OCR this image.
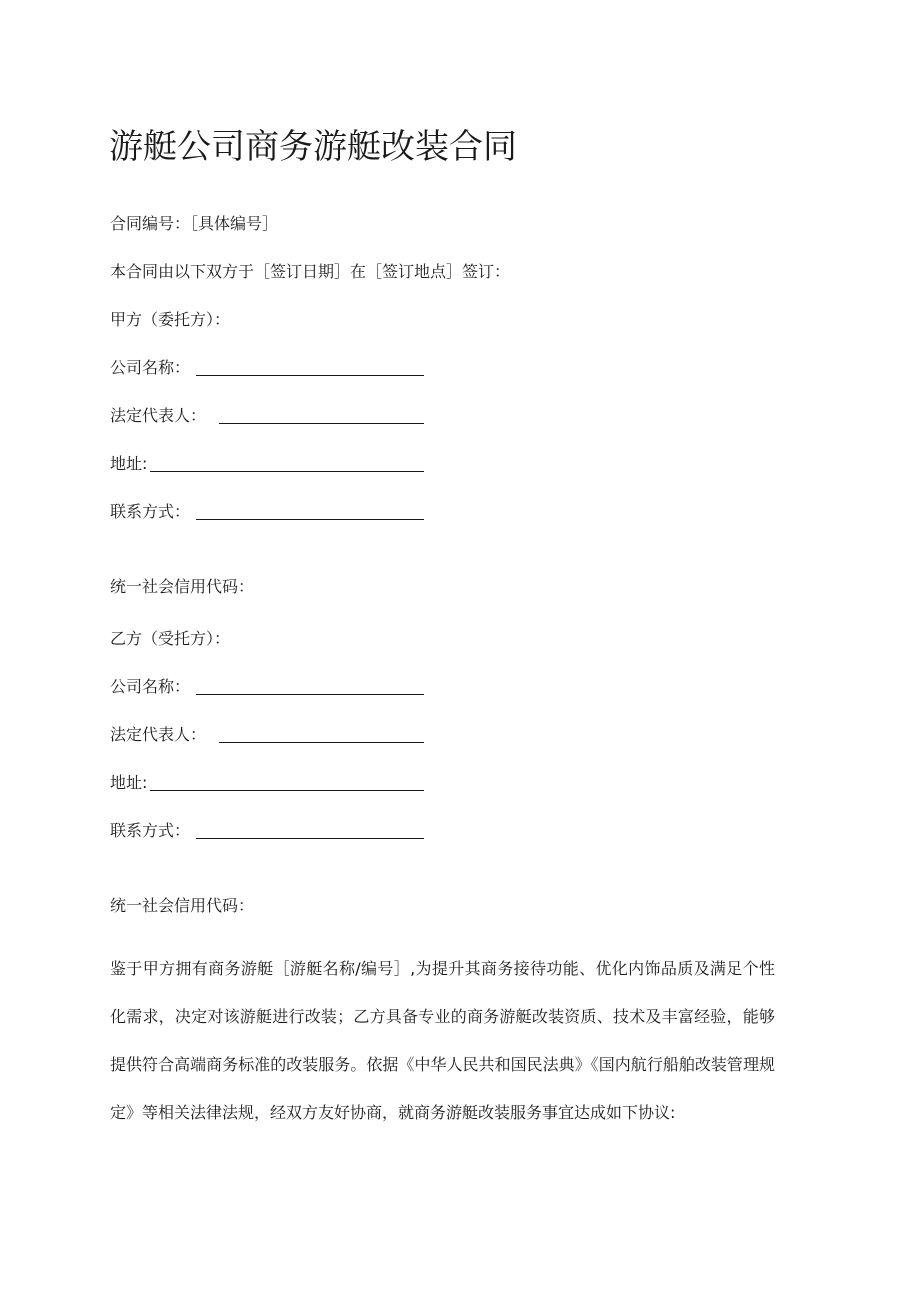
游艇公司商务游艇改装合同
合同编号：［具体编号］
本合同由以下双方于［签订日期］在［签订地点］签订：
甲方（委托方）：
公司名称：
法定代表人：
地址:
联系方式：
统一社会信用代码：
乙方（受托方）：
公司名称：
法定代表人：
地址:
联系方式：
统一社会信用代码：
鉴于甲方拥有商务游艇［游艇名称/编号］,为提升其商务接待功能、优化内饰品质及满足个性化需求，决定对该游艇进行改装；乙方具备专业的商务游艇改装资质、技术及丰富经验，能够提供符合高端商务标准的改装服务。依据《中华人民共和国民法典》《国内航行船舶改装管理规定》等相关法律法规，经双方友好协商，就商务游艇改装服务事宜达成如下协议:
